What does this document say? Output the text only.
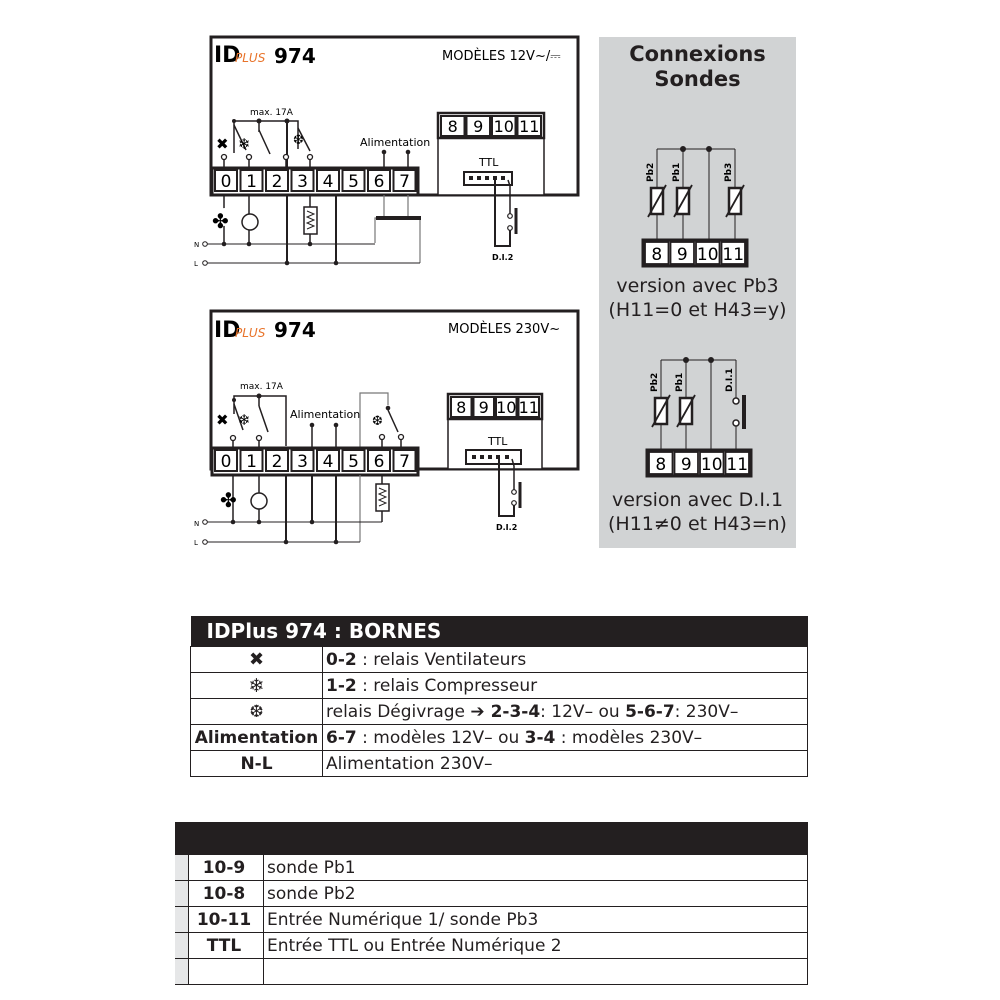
ID
PLUS 974	MODÈLES 12V~/⎓
max. 17A
✖ ❄	❆	Alimentation
0 1 2 3 4 5 6 7
8 9 10 11
TTL
D.I.2
✤
N
L
ID
PLUS 974	MODÈLES 230V~
max. 17A
✖ ❄	Alimentation ❆
0 1 2 3 4 5 6 7
8 9 10 11
TTL
D.I.2
✤
N
L
Connexions
Sondes
Pb2 Pb1	Pb3
8 9 10 11
version avec Pb3
(H11=0 et H43=y)
Pb2 Pb1	D.I.1
8 9 10 11
version avec D.I.1
(H11≠0 et H43=n)
IDPlus 974 : BORNES	
✖	0-2 : relais Ventilateurs
❄	1-2 : relais Compresseur
❆	relais Dégivrage ➔ 2-3-4: 12V– ou 5-6-7: 230V–
Alimentation	6-7 : modèles 12V– ou 3-4 : modèles 230V–
N-L	Alimentation 230V–

	10-9	sonde Pb1
	10-8	sonde Pb2
	10-11	Entrée Numérique 1/ sonde Pb3
	TTL	Entrée TTL ou Entrée Numérique 2
